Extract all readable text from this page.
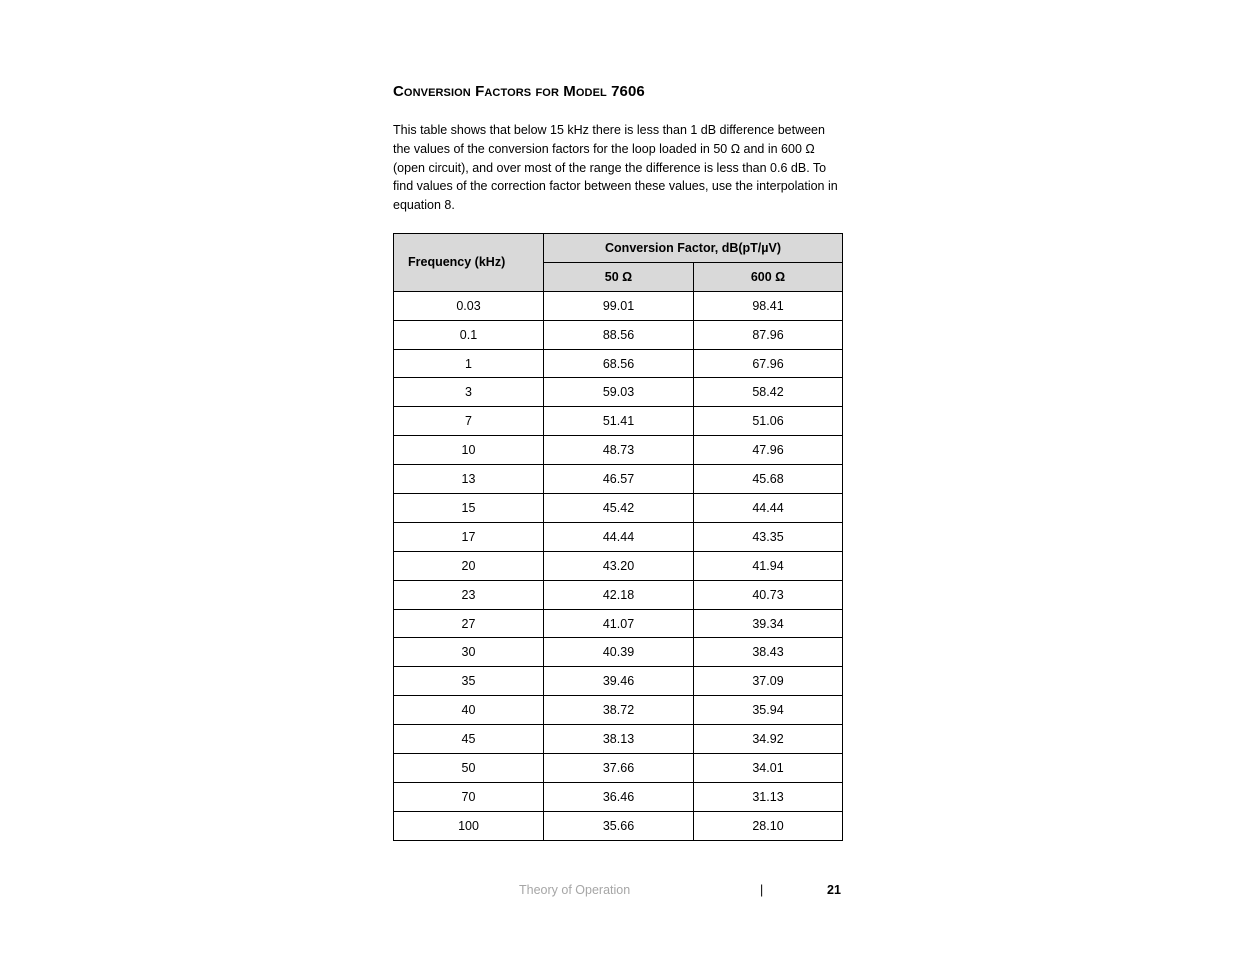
Conversion Factors for Model 7606

This table shows that below 15 kHz there is less than 1 dB difference between the values of the conversion factors for the loop loaded in 50 Ω and in 600 Ω (open circuit), and over most of the range the difference is less than 0.6 dB. To find values of the correction factor between these values, use the interpolation in equation 8.

Frequency (kHz)	Conversion Factor, dB(pT/µV)	
	50 Ω	600 Ω
0.03	99.01	98.41
0.1	88.56	87.96
1	68.56	67.96
3	59.03	58.42
7	51.41	51.06
10	48.73	47.96
13	46.57	45.68
15	45.42	44.44
17	44.44	43.35
20	43.20	41.94
23	42.18	40.73
27	41.07	39.34
30	40.39	38.43
35	39.46	37.09
40	38.72	35.94
45	38.13	34.92
50	37.66	34.01
70	36.46	31.13
100	35.66	28.10
Theory of Operation	|	21
